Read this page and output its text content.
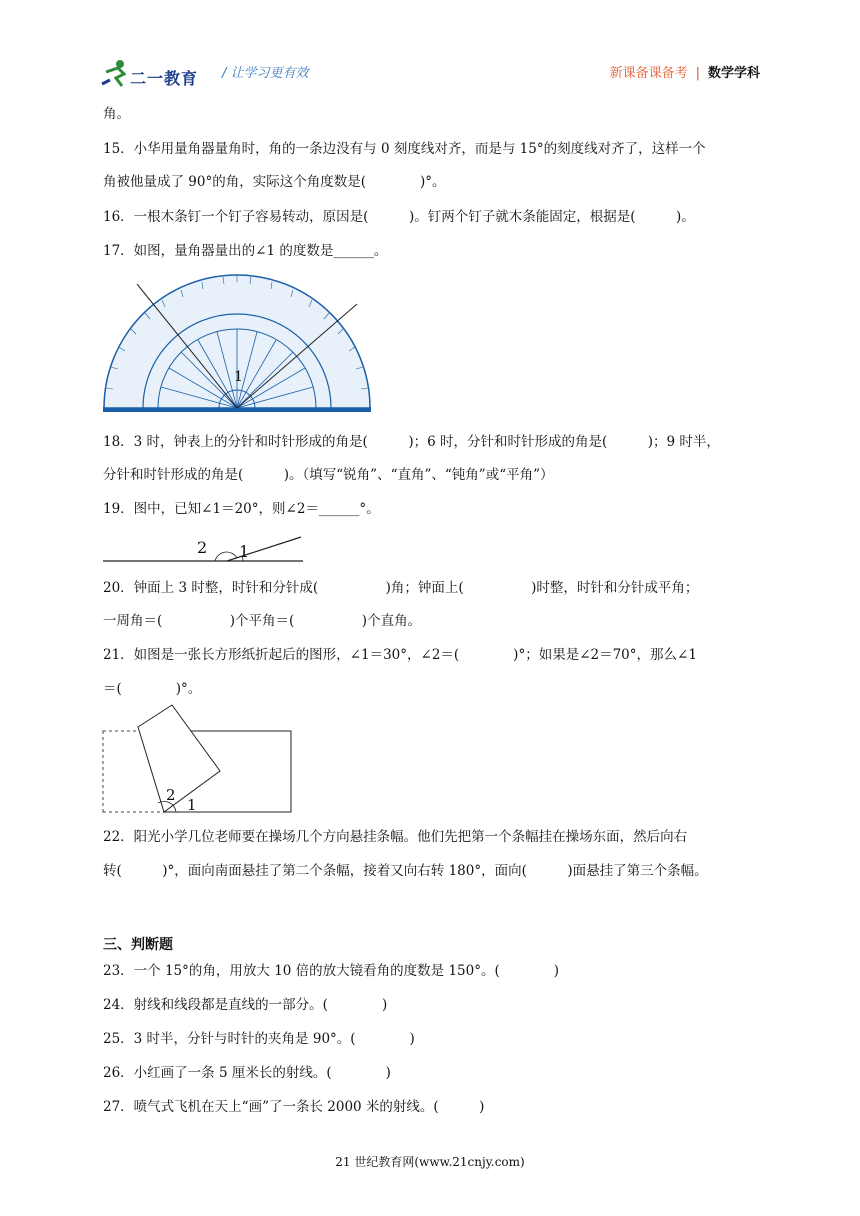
二一教育 / 让学习更有效	新课备课备考 | 数学学科
角。
15．小华用量角器量角时，角的一条边没有与 0 刻度线对齐，而是与 15°的刻度线对齐了，这样一个
角被他量成了 90°的角，实际这个角度数是(　　　　)°。
16．一根木条钉一个钉子容易转动，原因是(　　　)。钉两个钉子就木条能固定，根据是(　　　)。
17．如图，量角器量出的∠1 的度数是______。
1
18．3 时，钟表上的分针和时针形成的角是(　　　)；6 时，分针和时针形成的角是(　　　)；9 时半，
分针和时针形成的角是(　　　)。（填写“锐角”、“直角”、“钝角”或“平角”）
19．图中，已知∠1＝20°，则∠2＝______°。
2 1
20．钟面上 3 时整，时针和分针成(　　　　　)角；钟面上(　　　　　)时整，时针和分针成平角；
一周角＝(　　　　　)个平角＝(　　　　　)个直角。
21．如图是一张长方形纸折起后的图形，∠1＝30°，∠2＝(　　　　)°；如果是∠2＝70°，那么∠1
＝(　　　　)°。
2
1
22．阳光小学几位老师要在操场几个方向悬挂条幅。他们先把第一个条幅挂在操场东面，然后向右
转(　　　)°，面向南面悬挂了第二个条幅，接着又向右转 180°，面向(　　　)面悬挂了第三个条幅。
三、判断题
23．一个 15°的角，用放大 10 倍的放大镜看角的度数是 150°。(　　　　)
24．射线和线段都是直线的一部分。(　　　　)
25．3 时半，分针与时针的夹角是 90°。(　　　　)
26．小红画了一条 5 厘米长的射线。(　　　　)
27．喷气式飞机在天上“画”了一条长 2000 米的射线。(　　　)
21 世纪教育网(www.21cnjy.com)
